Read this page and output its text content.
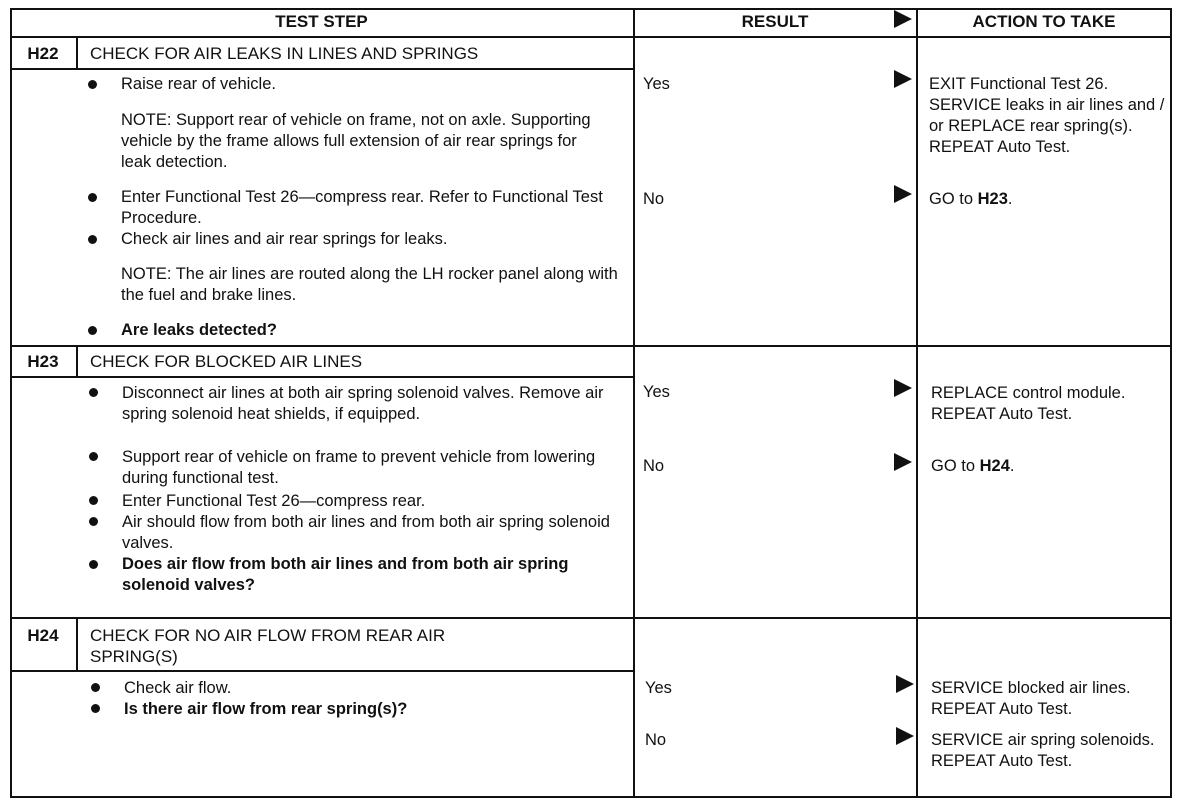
TEST STEP	RESULT	ACTION TO TAKE
H22	CHECK FOR AIR LEAKS IN LINES AND SPRINGS
Raise rear of vehicle.
NOTE: Support rear of vehicle on frame, not on axle. Supporting vehicle by the frame allows full extension of air rear springs for leak detection.
Enter Functional Test 26—compress rear. Refer to Functional Test Procedure.
Check air lines and air rear springs for leaks.
NOTE: The air lines are routed along the LH rocker panel along with the fuel and brake lines.
Are leaks detected?
Yes	EXIT Functional Test 26. SERVICE leaks in air lines and / or REPLACE rear spring(s). REPEAT Auto Test.
No	GO to H23.
H23	CHECK FOR BLOCKED AIR LINES
Disconnect air lines at both air spring solenoid valves. Remove air spring solenoid heat shields, if equipped.
Support rear of vehicle on frame to prevent vehicle from lowering during functional test.
Enter Functional Test 26—compress rear.
Air should flow from both air lines and from both air spring solenoid valves.
Does air flow from both air lines and from both air spring solenoid valves?
Yes	REPLACE control module. REPEAT Auto Test.
No	GO to H24.
H24	CHECK FOR NO AIR FLOW FROM REAR AIR SPRING(S)
Check air flow.
Is there air flow from rear spring(s)?
Yes	SERVICE blocked air lines. REPEAT Auto Test.
No	SERVICE air spring solenoids. REPEAT Auto Test.
